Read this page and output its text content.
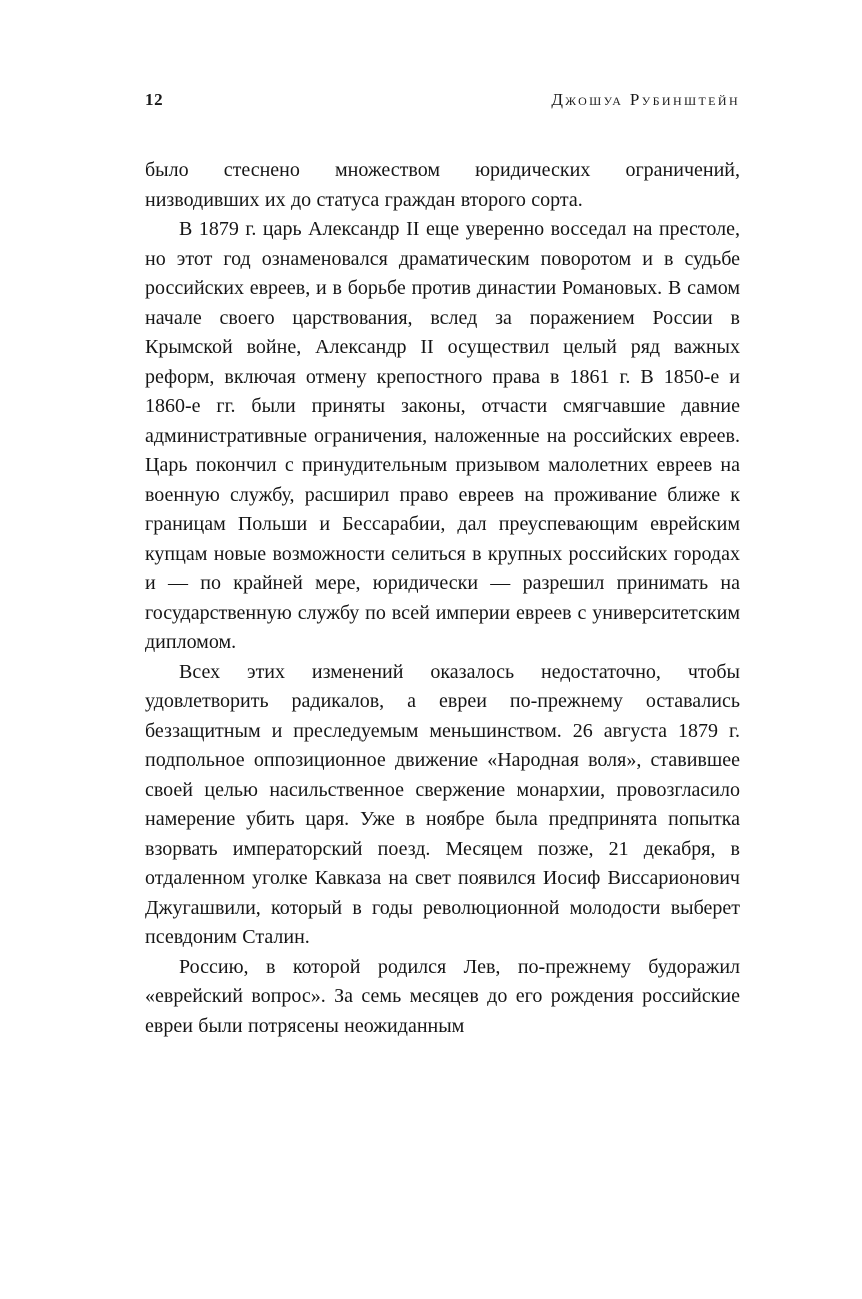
12	Джошуа Рубинштейн

было стеснено множеством юридических ограничений, низводивших их до статуса граждан второго сорта.

В 1879 г. царь Александр II еще уверенно восседал на престоле, но этот год ознаменовался драматическим поворотом и в судьбе российских евреев, и в борьбе против династии Романовых. В самом начале своего царствования, вслед за поражением России в Крымской войне, Александр II осуществил целый ряд важных реформ, включая отмену крепостного права в 1861 г. В 1850-е и 1860-е гг. были приняты законы, отчасти смягчавшие давние административные ограничения, наложенные на российских евреев. Царь покончил с принудительным призывом малолетних евреев на военную службу, расширил право евреев на проживание ближе к границам Польши и Бессарабии, дал преуспевающим еврейским купцам новые возможности селиться в крупных российских городах и — по крайней мере, юридически — разрешил принимать на государственную службу по всей империи евреев с университетским дипломом.

Всех этих изменений оказалось недостаточно, чтобы удовлетворить радикалов, а евреи по-прежнему оставались беззащитным и преследуемым меньшинством. 26 августа 1879 г. подпольное оппозиционное движение «Народная воля», ставившее своей целью насильственное свержение монархии, провозгласило намерение убить царя. Уже в ноябре была предпринята попытка взорвать императорский поезд. Месяцем позже, 21 декабря, в отдаленном уголке Кавказа на свет появился Иосиф Виссарионович Джугашвили, который в годы революционной молодости выберет псевдоним Сталин.

Россию, в которой родился Лев, по-прежнему будоражил «еврейский вопрос». За семь месяцев до его рождения российские евреи были потрясены неожиданным
